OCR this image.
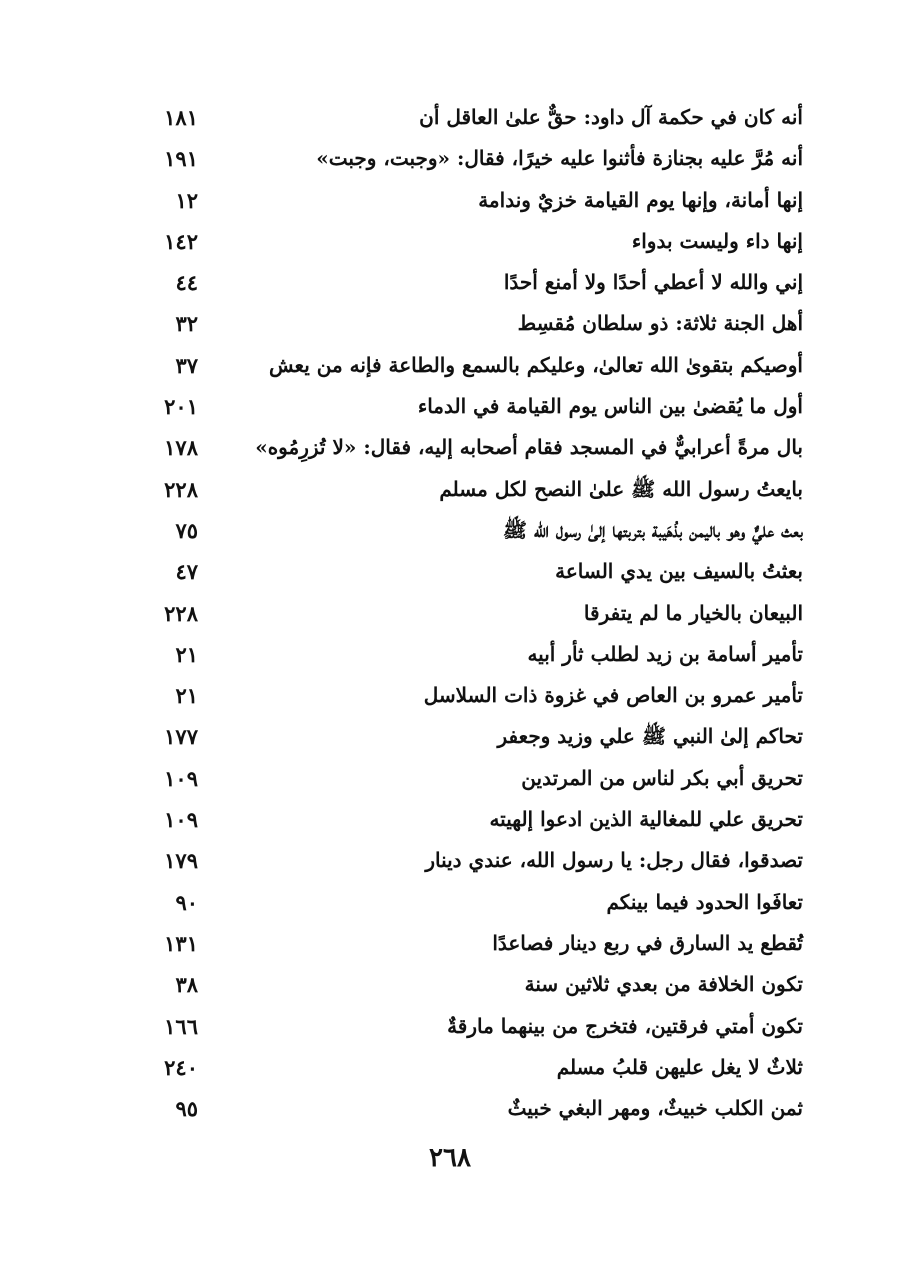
أنه كان في حكمة آل داود: حقٌّ علىٰ العاقل أن
١٨١
أنه مُرَّ عليه بجنازة فأثنوا عليه خيرًا، فقال: «وجبت، وجبت»
١٩١
إنها أمانة، وإنها يوم القيامة خزيٌ وندامة
١٢
إنها داء وليست بدواء
١٤٢
إني والله لا أعطي أحدًا ولا أمنع أحدًا
٤٤
أهل الجنة ثلاثة: ذو سلطان مُقسِط
٣٢
أوصيكم بتقوىٰ الله تعالىٰ، وعليكم بالسمع والطاعة فإنه من يعش
٣٧
أول ما يُقضىٰ بين الناس يوم القيامة في الدماء
٢٠١
بال مرةً أعرابيٌّ في المسجد فقام أصحابه إليه، فقال: «لا تُزرِمُوه»
١٧٨
بايعتُ رسول الله ﷺ علىٰ النصح لكل مسلم
٢٢٨
بعث عليٌّ وهو باليمن بذُهَيبة بتربتها إلىٰ رسول الله ﷺ
٧٥
بعثتُ بالسيف بين يدي الساعة
٤٧
البيعان بالخيار ما لم يتفرقا
٢٢٨
تأمير أسامة بن زيد لطلب ثأر أبيه
٢١
تأمير عمرو بن العاص في غزوة ذات السلاسل
٢١
تحاكم إلىٰ النبي ﷺ علي وزيد وجعفر
١٧٧
تحريق أبي بكر لناس من المرتدين
١٠٩
تحريق علي للمغالية الذين ادعوا إلهيته
١٠٩
تصدقوا، فقال رجل: يا رسول الله، عندي دينار
١٧٩
تعافَوا الحدود فيما بينكم
٩٠
تُقطع يد السارق في ربع دينار فصاعدًا
١٣١
تكون الخلافة من بعدي ثلاثين سنة
٣٨
تكون أمتي فرقتين، فتخرج من بينهما مارقةٌ
١٦٦
ثلاثٌ لا يغل عليهن قلبُ مسلم
٢٤٠
ثمن الكلب خبيثٌ، ومهر البغي خبيثٌ
٩٥
٢٦٨
